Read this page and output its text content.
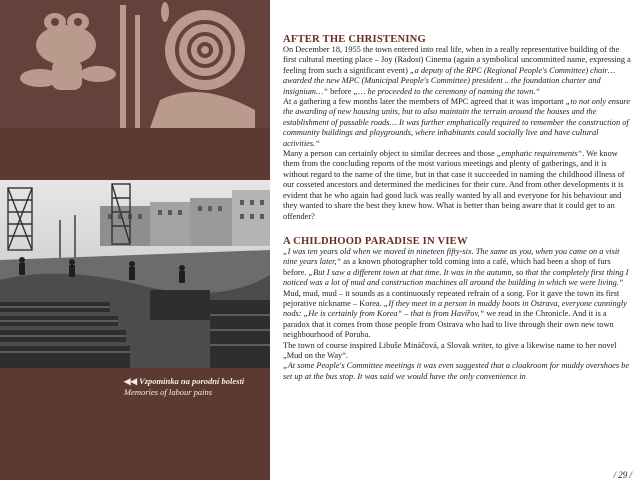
◀◀ Vzpomínka na porodní bolesti
Memories of labour pains
AFTER THE CHRISTENING

On December 18, 1955 the town entered into real life, when in a really representative building of the first cultural meeting place – Joy (Radost) Cinema (again a symbolical uncommitted name, expressing a feeling from such a significant event) „a deputy of the RPC (Regional People's Committee) chair… awarded the new MPC (Municipal People's Committee) president .. the foundation charter and insignium…“ before „… he proceeded to the ceremony of naming the town.“

At a gathering a few months later the members of MPC agreed that it was important „to not only ensure the awarding of new housing units, but to also maintain the terrain around the houses and the establishment of passable roads… It was further emphatically required to remember the construction of community buildings and playgrounds, where inhabitants could socially live and have cultural activities.“

Many a person can certainly object to similar decrees and those „emphatic requirements“. We know them from the concluding reports of the most various meetings and plenty of gatherings, and it is without regard to the name of the time, but in that case it succeeded in naming the childhood illness of our cosseted ancestors and determined the medicines for their cure. And from other developments it is evident that he who again had good luck was really wanted by all and everyone for his behaviour and they wanted to share the best they knew how. What is better than being aware that it could get to an offender?

A CHILDHOOD PARADISE IN VIEW

„I was ten years old when we moved in nineteen fifty-six. The same as you, when you came on a visit nine years later,“ as a known photographer told coming into a café, which had been a shop of furs before. „But I saw a different town at that time. It was in the autumn, so that the completely first thing I noticed was a lot of mud and construction machines all around the building in which we were living.“

Mud, mud, mud – it sounds as a continuously repeated refrain of a song. For it gave the town its first pejorative nickname – Korea. „If they meet in a person in muddy boots in Ostrava, everyone cunningly nods: „He is certainly from Korea“ – that is from Havířov,“ we read in the Chronicle. And it is a paradox that it comes from those people from Ostrava who had to live through their own new town neighbourhood of Poruba.

The town of course inspired Libuše Mináčová, a Slovak writer, to give a likewise name to her novel „Mud on the Way“.

„At some People's Committee meetings it was even suggested that a cloakroom for muddy overshoes be set up at the bus stop. It was said we would have the only convenience in

/ 29 /
